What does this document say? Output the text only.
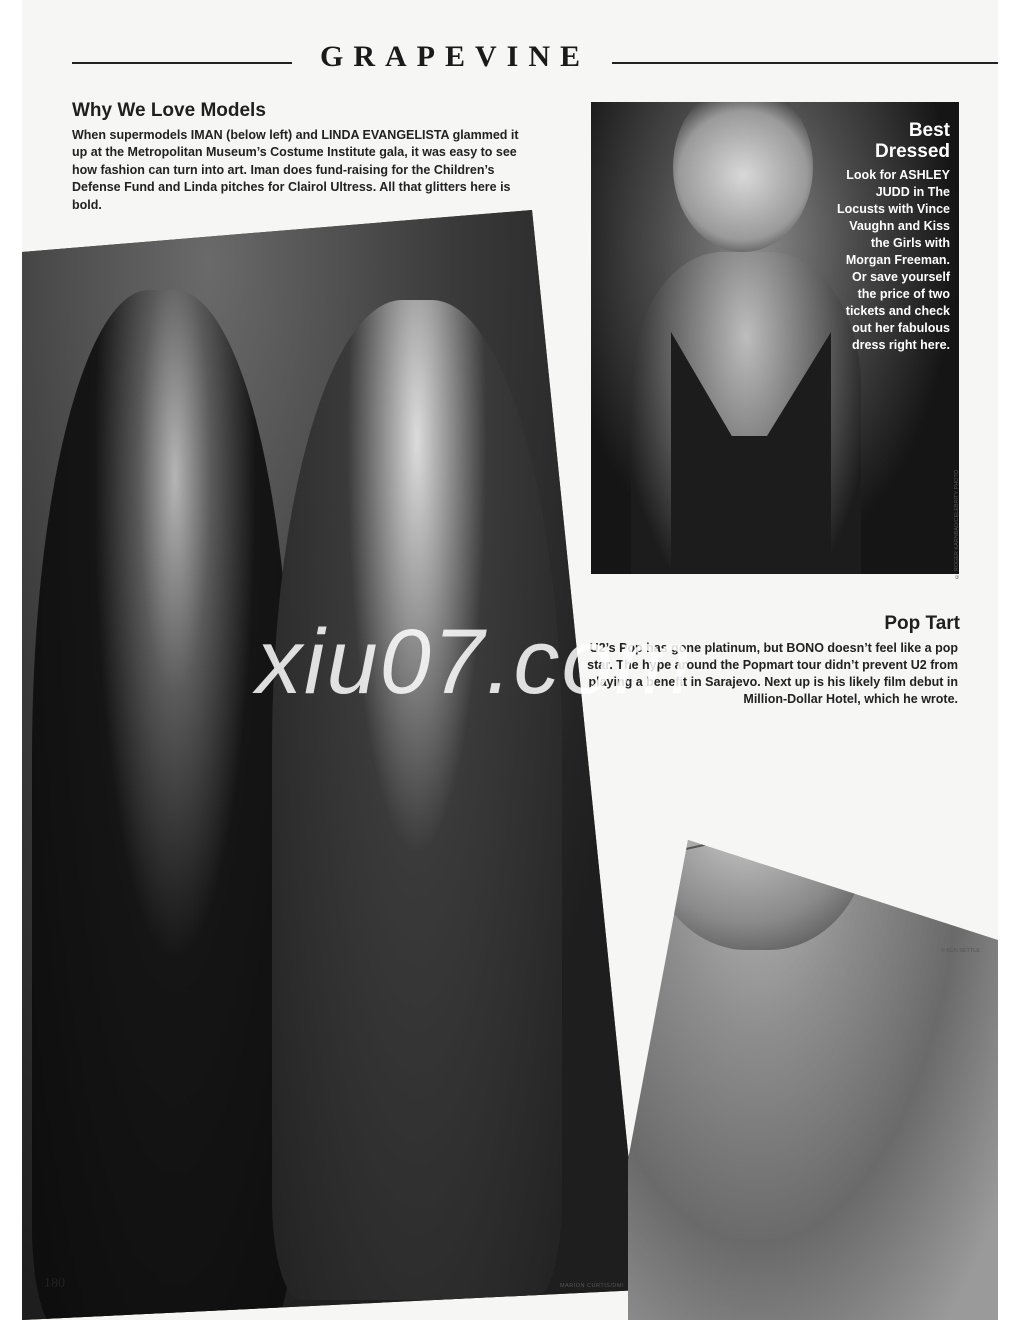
GRAPEVINE
Why We Love Models

When supermodels IMAN (below left) and LINDA EVANGELISTA glammed it up at the Metropolitan Museum’s Costume Institute gala, it was easy to see how fashion can turn into art. Iman does fund-raising for the Children’s Defense Fund and Linda pitches for Clairol Ultress. All that glitters here is bold.

MARION CURTIS/DMI
Best
Dressed

Look for ASHLEY JUDD in The Locusts with Vince Vaughn and Kiss the Girls with Morgan Freeman. Or save yourself the price of two tickets and check out her fabulous dress right here.

© ROGER KARNBAD/CELEBRITY PHOTO
Pop Tart

U2’s Pop has gone platinum, but BONO doesn’t feel like a pop star. The hype around the Popmart tour didn’t prevent U2 from playing a benefit in Sarajevo. Next up is his likely film debut in Million-Dollar Hotel, which he wrote.

© KEN SETTLE
180
xiu07.com
